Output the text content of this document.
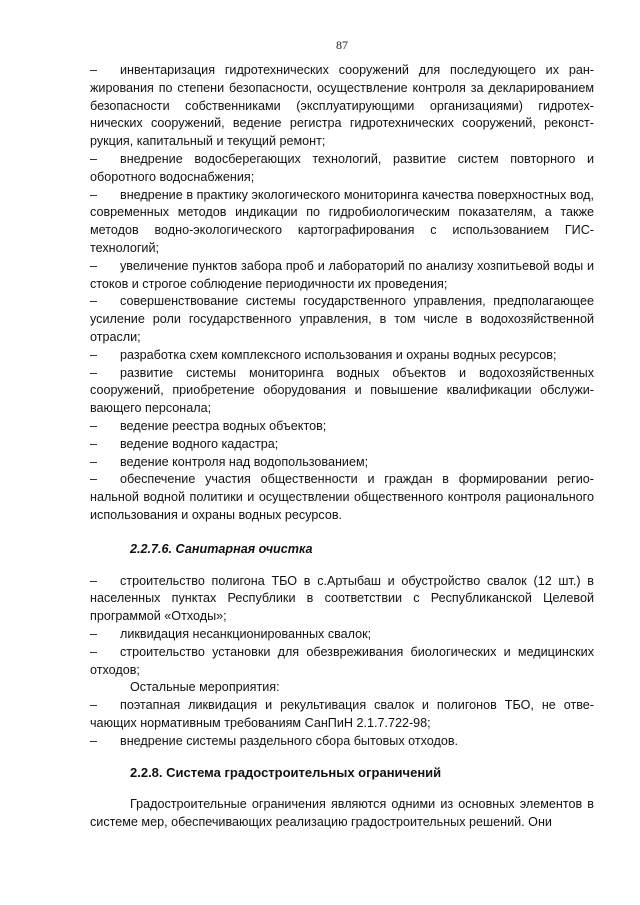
87

– инвентаризация гидротехнических сооружений для последующего их ранжирования по степени безопасности, осуществление контроля за декларированием безопасности собственниками (эксплуатирующими организациями) гидротехнических сооружений, ведение регистра гидротехнических сооружений, реконструкция, капитальный и текущий ремонт;

– внедрение водосберегающих технологий, развитие систем повторного и оборотного водоснабжения;

– внедрение в практику экологического мониторинга качества поверхностных вод, современных методов индикации по гидробиологическим показателям, а также методов водно-экологического картографирования с использованием ГИС-технологий;

– увеличение пунктов забора проб и лабораторий по анализу хозпитьевой воды и стоков и строгое соблюдение периодичности их проведения;

– совершенствование системы государственного управления, предполагающее усиление роли государственного управления, в том числе в водохозяйственной отрасли;

– разработка схем комплексного использования и охраны водных ресурсов;

– развитие системы мониторинга водных объектов и водохозяйственных сооружений, приобретение оборудования и повышение квалификации обслуживающего персонала;

– ведение реестра водных объектов;

– ведение водного кадастра;

– ведение контроля над водопользованием;

– обеспечение участия общественности и граждан в формировании региональной водной политики и осуществлении общественного контроля рационального использования и охраны водных ресурсов.

2.2.7.6. Санитарная очистка

– строительство полигона ТБО в с.Артыбаш и обустройство свалок (12 шт.) в населенных пунктах Республики в соответствии с Республиканской Целевой программой «Отходы»;

– ликвидация несанкционированных свалок;

– строительство установки для обезвреживания биологических и медицинских отходов;

Остальные мероприятия:

– поэтапная ликвидация и рекультивация свалок и полигонов ТБО, не отвечающих нормативным требованиям СанПиН 2.1.7.722-98;

– внедрение системы раздельного сбора бытовых отходов.

2.2.8. Система градостроительных ограничений

Градостроительные ограничения являются одними из основных элементов в системе мер, обеспечивающих реализацию градостроительных решений. Они
